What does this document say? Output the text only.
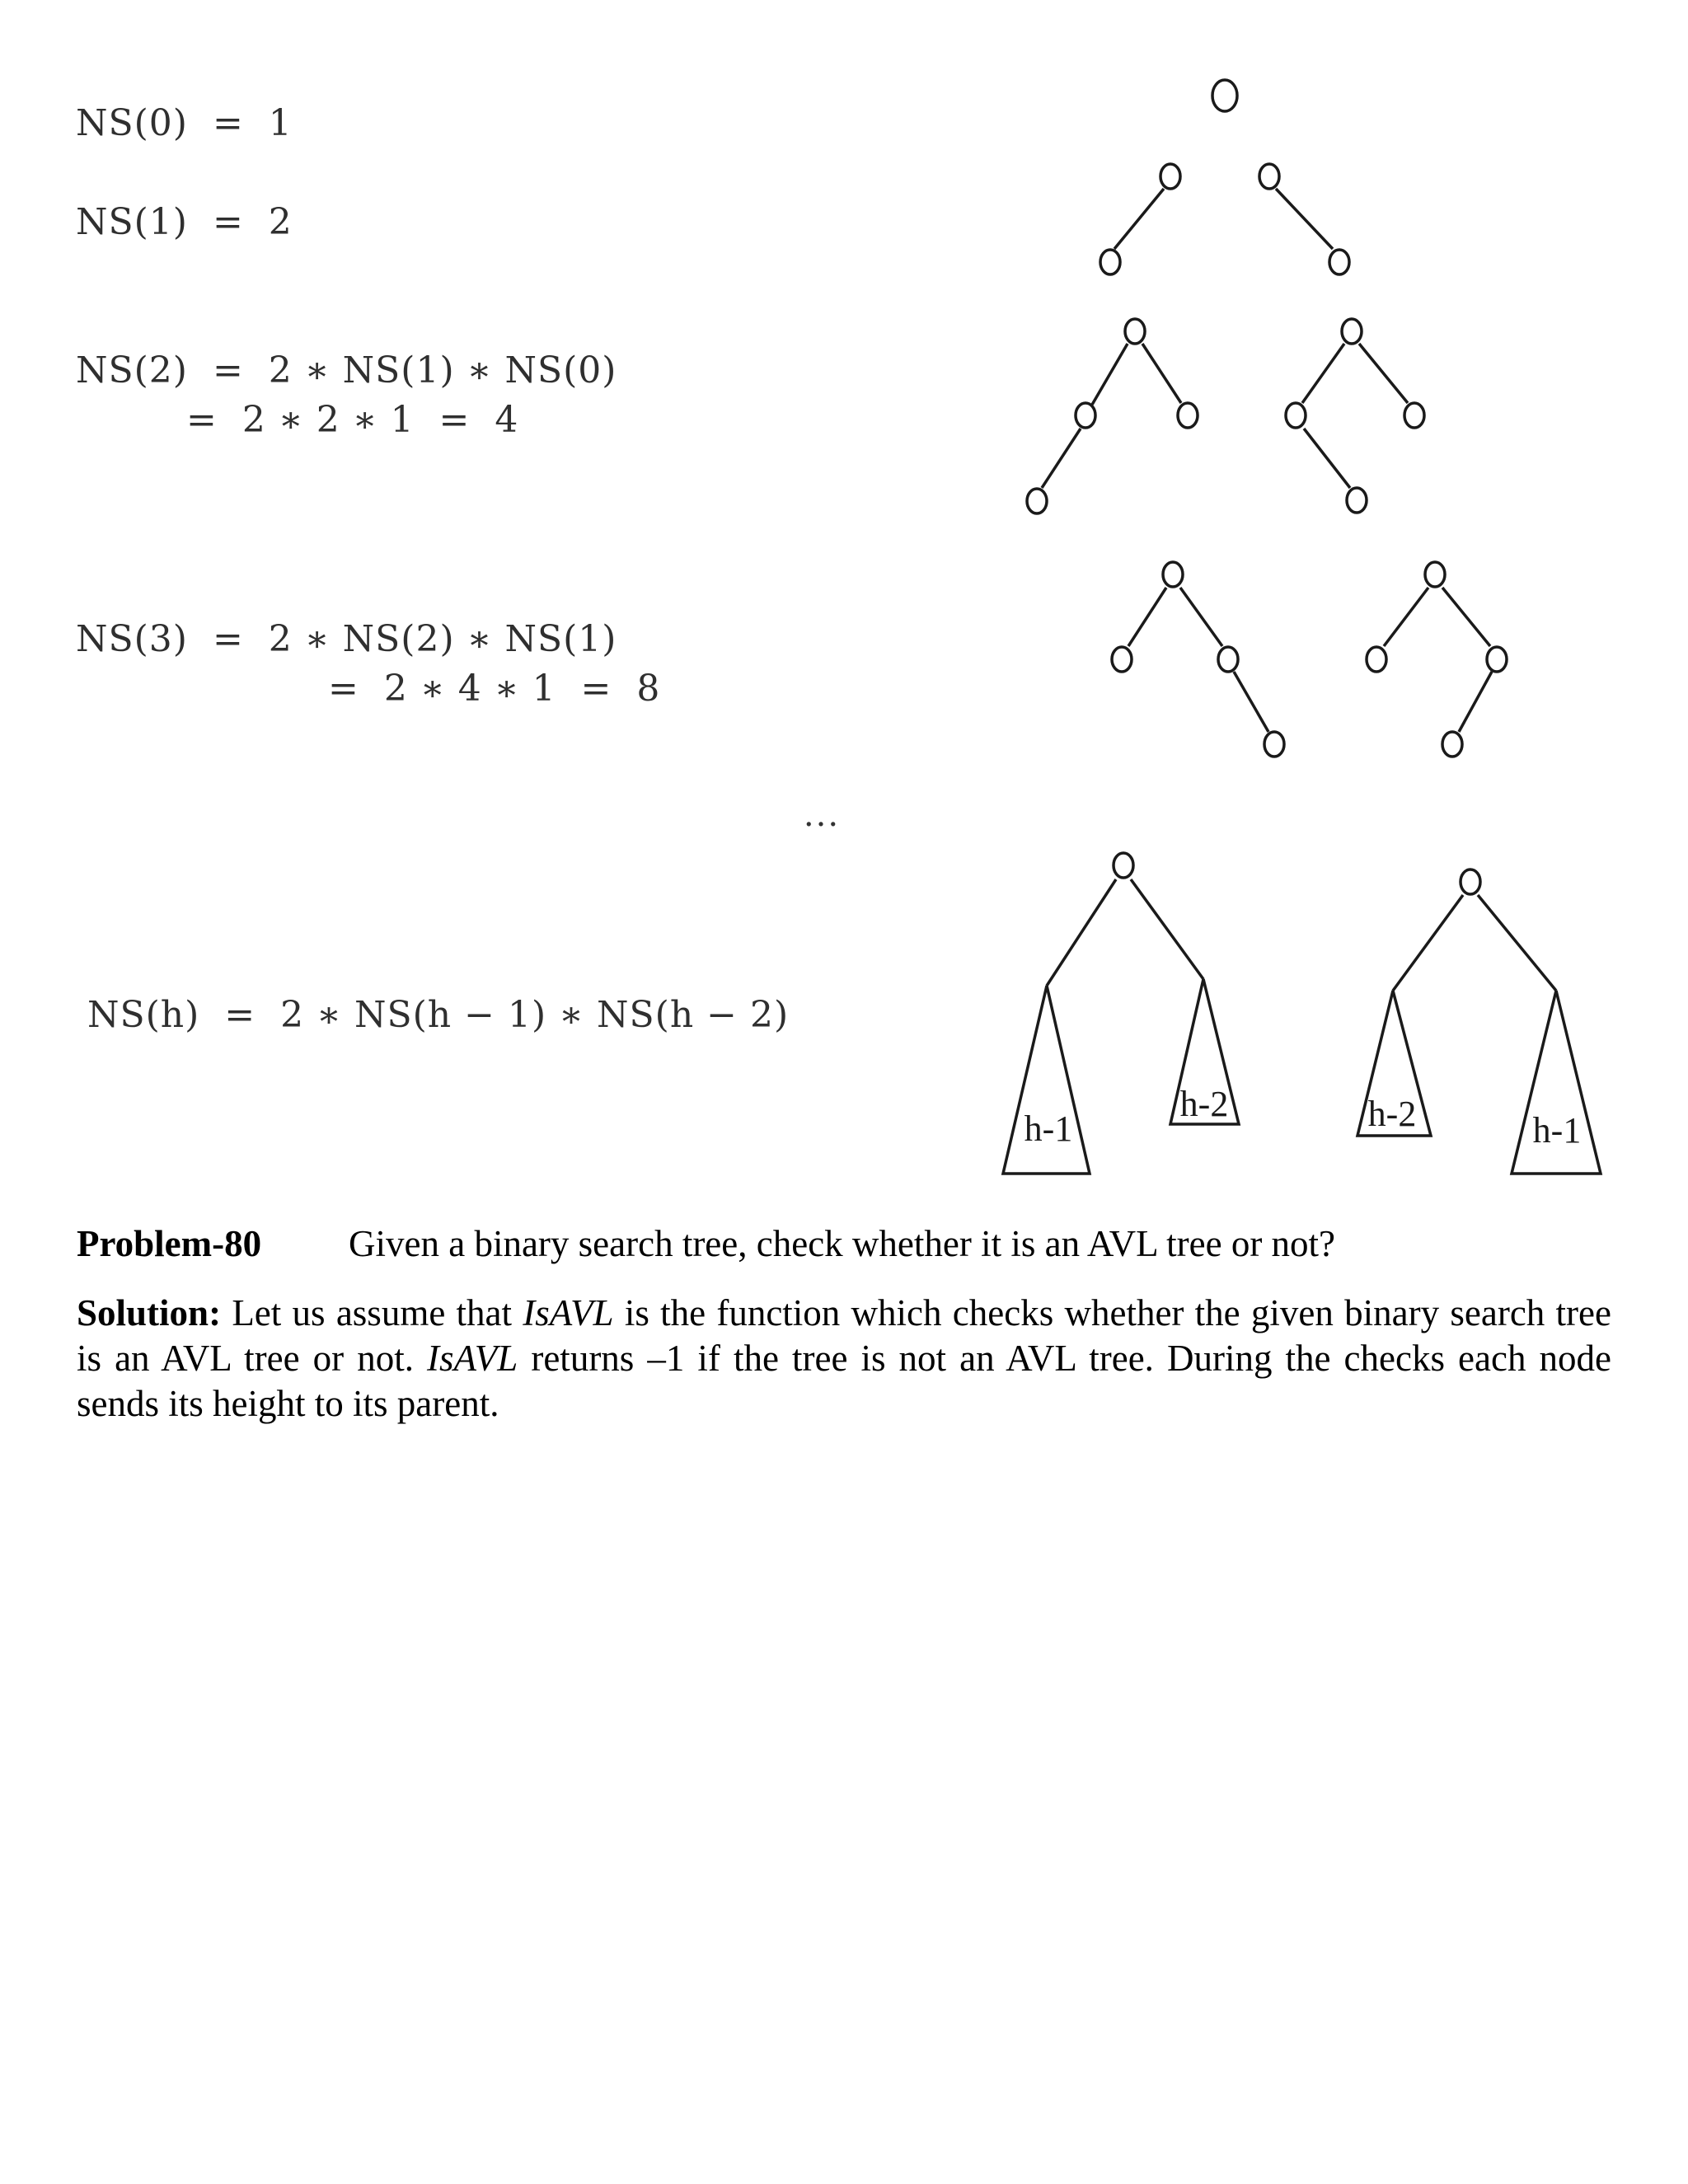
NS(0)  =  1
NS(1)  =  2
NS(2)  =  2 ∗ NS(1) ∗ NS(0)
=  2 ∗ 2 ∗ 1  =  4
NS(3)  =  2 ∗ NS(2) ∗ NS(1)
=  2 ∗ 4 ∗ 1  =  8
…
NS(h)  =  2 ∗ NS(h − 1) ∗ NS(h − 2)
h-1
h-2	h-2	h-1
Problem-80 Given a binary search tree, check whether it is an AVL tree or not?
Solution: Let us assume that IsAVL is the function which checks whether the given binary search tree is an AVL tree or not. IsAVL returns –1 if the tree is not an AVL tree. During the checks each node sends its height to its parent.
